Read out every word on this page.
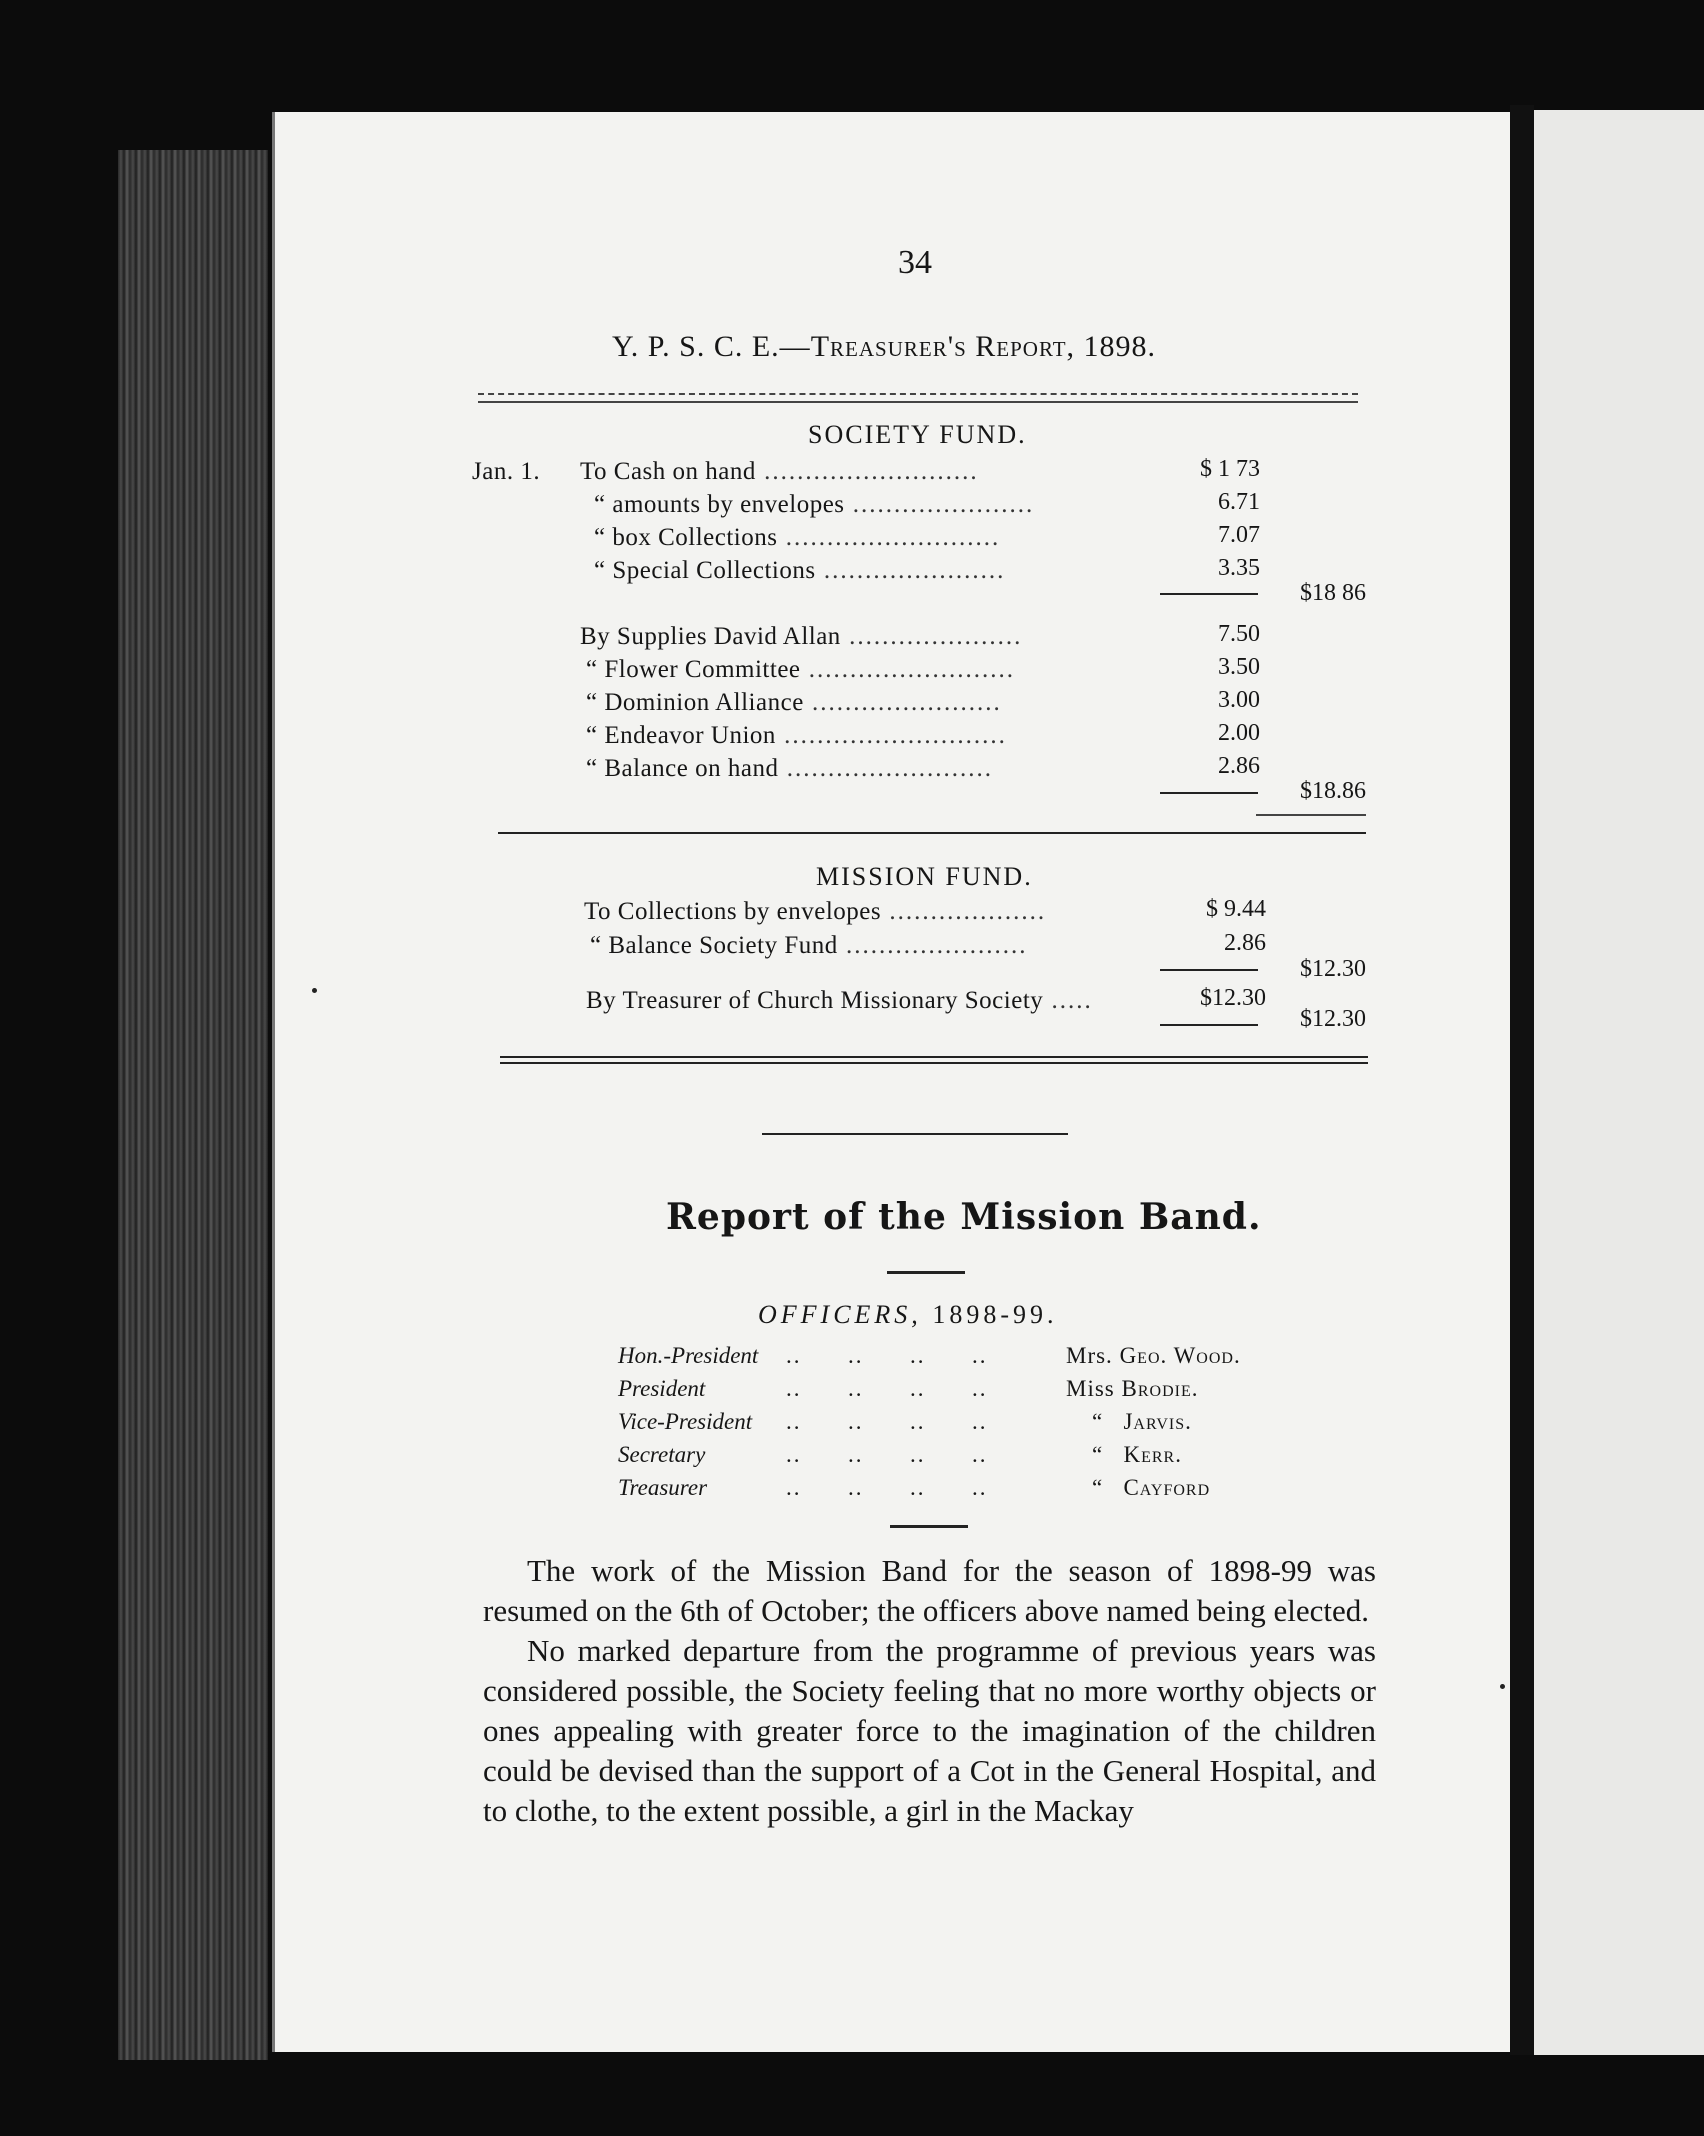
34
Y. P. S. C. E.—Treasurer's Report, 1898.
SOCIETY FUND.
Jan. 1. To Cash on hand ..........................	$ 1 73
“ amounts by envelopes ......................	6.71
“ box Collections ..........................	7.07
“ Special Collections ......................	3.35
$18 86
By Supplies David Allan .....................	7.50
“ Flower Committee .........................	3.50
“ Dominion Alliance .......................	3.00
“ Endeavor Union ...........................	2.00
“ Balance on hand .........................	2.86
$18.86
MISSION FUND.
To Collections by envelopes ...................	$ 9.44
“ Balance Society Fund ......................	2.86
$12.30
By Treasurer of Church Missionary Society .....	$12.30
$12.30
Report of the Mission Band.
OFFICERS, 1898-99.
Hon.-President ..      ..      ..      ..	Mrs. Geo. Wood.
President	..      ..      ..      ..	Miss Brodie.
Vice-President ..      ..      ..      ..	“ Jarvis.
Secretary	..      ..      ..      ..	“ Kerr.
Treasurer	..      ..      ..      ..	“ Cayford

The work of the Mission Band for the season of 1898-99 was resumed on the 6th of October; the officers above named being elected.

No marked departure from the programme of previous years was considered possible, the Society feeling that no more worthy objects or ones appealing with greater force to the imagination of the children could be devised than the support of a Cot in the General Hospital, and to clothe, to the extent possible, a girl in the Mackay
